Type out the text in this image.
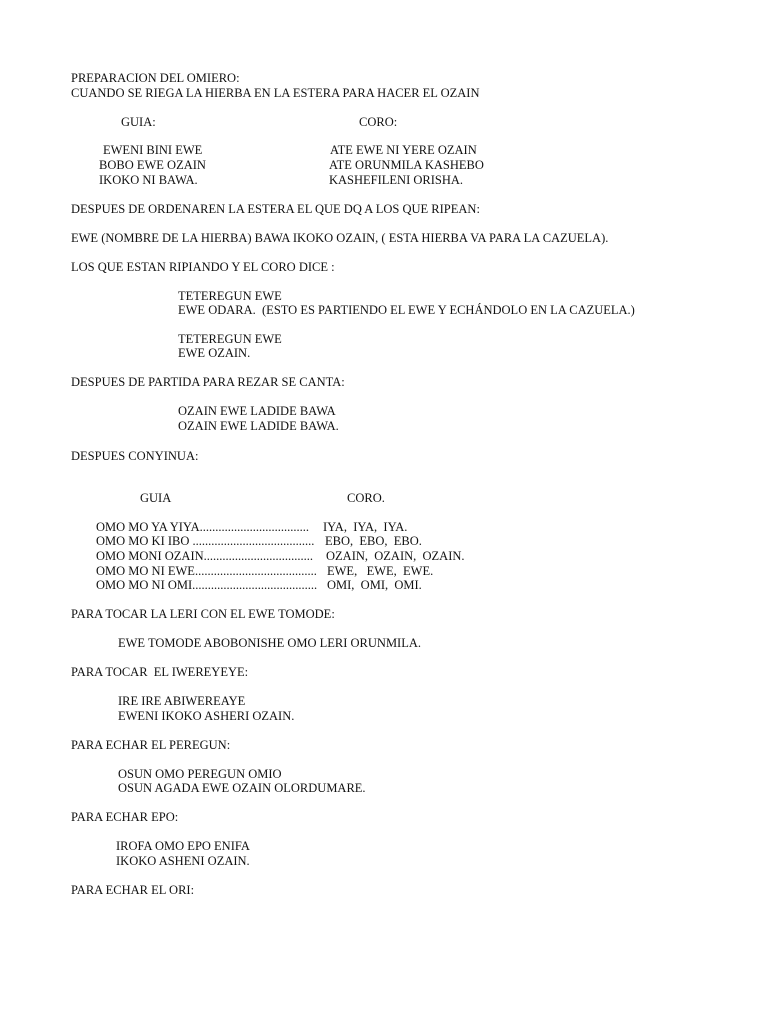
PREPARACION DEL OMIERO:
CUANDO SE RIEGA LA HIERBA EN LA ESTERA PARA HACER EL OZAIN
GUIA:	CORO:
EWENI BINI EWE
BOBO EWE OZAIN
IKOKO NI BAWA.
ATE EWE NI YERE OZAIN
ATE ORUNMILA KASHEBO
KASHEFILENI ORISHA.
DESPUES DE ORDENAREN LA ESTERA EL QUE DQ A LOS QUE RIPEAN:
EWE (NOMBRE DE LA HIERBA) BAWA IKOKO OZAIN, ( ESTA HIERBA VA PARA LA CAZUELA).
LOS QUE ESTAN RIPIANDO Y EL CORO DICE :
TETEREGUN EWE
EWE ODARA.  (ESTO ES PARTIENDO EL EWE Y ECHÁNDOLO EN LA CAZUELA.)
TETEREGUN EWE
EWE OZAIN.
DESPUES DE PARTIDA PARA REZAR SE CANTA:
OZAIN EWE LADIDE BAWA
OZAIN EWE LADIDE BAWA.
DESPUES CONYINUA:
GUIA	CORO.
OMO MO YA YIYA................................... IYA,  IYA,  IYA.
OMO MO KI IBO ....................................... EBO,  EBO,  EBO.
OMO MONI OZAIN................................... OZAIN,  OZAIN,  OZAIN.
OMO MO NI EWE....................................... EWE,   EWE,  EWE.
OMO MO NI OMI........................................ OMI,  OMI,  OMI.
PARA TOCAR LA LERI CON EL EWE TOMODE:
EWE TOMODE ABOBONISHE OMO LERI ORUNMILA.
PARA TOCAR  EL IWEREYEYE:
IRE IRE ABIWEREAYE
EWENI IKOKO ASHERI OZAIN.
PARA ECHAR EL PEREGUN:
OSUN OMO PEREGUN OMIO
OSUN AGADA EWE OZAIN OLORDUMARE.
PARA ECHAR EPO:
IROFA OMO EPO ENIFA
IKOKO ASHENI OZAIN.
PARA ECHAR EL ORI:
